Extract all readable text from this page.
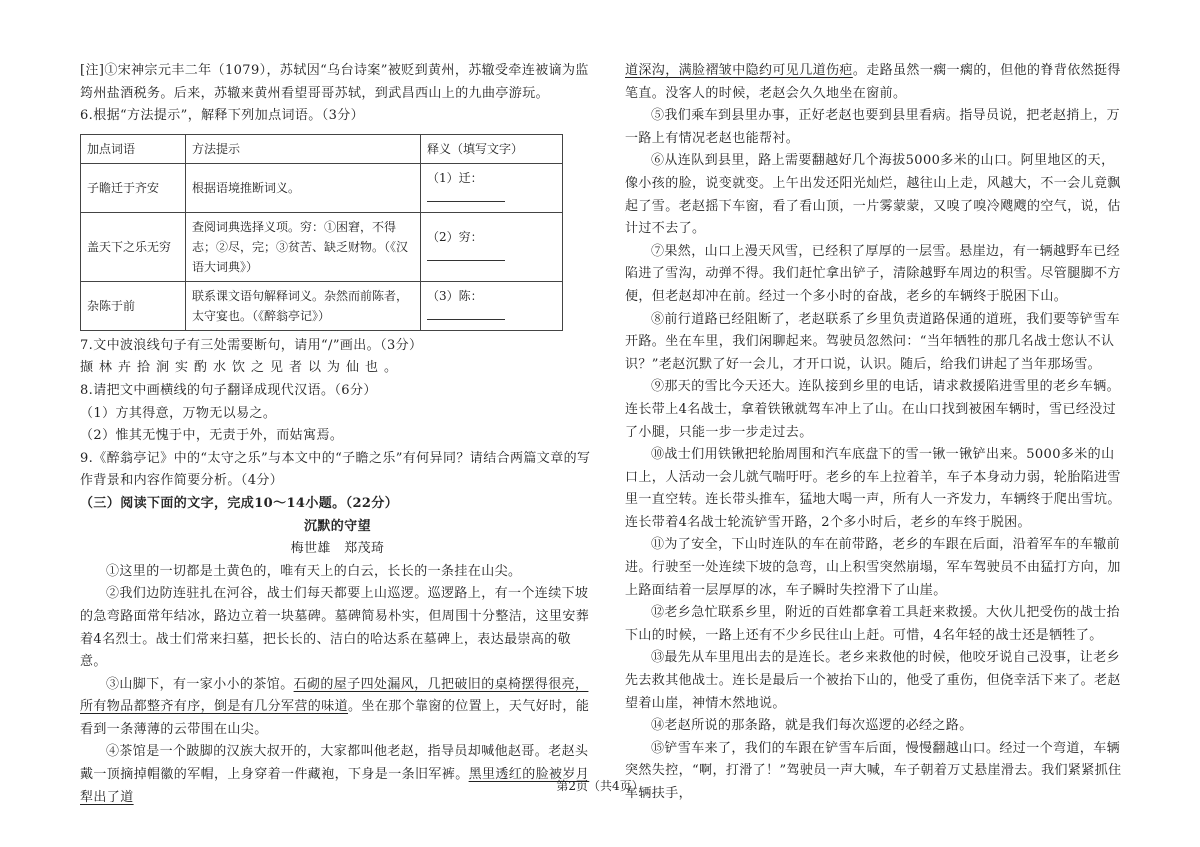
[注]①宋神宗元丰二年（1079），苏轼因“乌台诗案”被贬到黄州，苏辙受牵连被谪为监筠州盐酒税务。后来，苏辙来黄州看望哥哥苏轼，到武昌西山上的九曲亭游玩。

6.根据“方法提示”，解释下列加点词语。（3分）

加点词语	方法提示	释义（填写文字）
子瞻迁于齐安	根据语境推断词义。	（1）迁：
盖天下之乐无穷	查阅词典选择义项。穷：①困窘，不得志；②尽，完；③贫苦、缺乏财物。（《汉语大词典》）	（2）穷：
杂陈于前	联系课文语句解释词义。杂然而前陈者，太守宴也。（《醉翁亭记》）	（3）陈：

7.文中波浪线句子有三处需要断句，请用“/”画出。（3分）

撷林卉拾涧实酌水饮之见者以为仙也。

8.请把文中画横线的句子翻译成现代汉语。（6分）

（1）方其得意，万物无以易之。

（2）惟其无愧于中，无责于外，而姑寓焉。

9.《醉翁亭记》中的“太守之乐”与本文中的“子瞻之乐”有何异同？请结合两篇文章的写作背景和内容作简要分析。（4分）

（三）阅读下面的文字，完成10～14小题。（22分）

沉默的守望

梅世雄　郑茂琦

①这里的一切都是土黄色的，唯有天上的白云，长长的一条挂在山尖。

②我们边防连驻扎在河谷，战士们每天都要上山巡逻。巡逻路上，有一个连续下坡的急弯路面常年结冰，路边立着一块墓碑。墓碑简易朴实，但周围十分整洁，这里安葬着4名烈士。战士们常来扫墓，把长长的、洁白的哈达系在墓碑上，表达最崇高的敬意。

③山脚下，有一家小小的茶馆。石砌的屋子四处漏风，几把破旧的桌椅摆得很亮，所有物品都整齐有序，倒是有几分军营的味道。坐在那个靠窗的位置上，天气好时，能看到一条薄薄的云带围在山尖。

④茶馆是一个跛脚的汉族大叔开的，大家都叫他老赵，指导员却喊他赵哥。老赵头戴一顶摘掉帽徽的军帽，上身穿着一件藏袍，下身是一条旧军裤。黑里透红的脸被岁月犁出了道

道深沟，满脸褶皱中隐约可见几道伤疤。走路虽然一瘸一瘸的，但他的脊背依然挺得笔直。没客人的时候，老赵会久久地坐在窗前。

⑤我们乘车到县里办事，正好老赵也要到县里看病。指导员说，把老赵捎上，万一路上有情况老赵也能帮衬。

⑥从连队到县里，路上需要翻越好几个海拔5000多米的山口。阿里地区的天，像小孩的脸，说变就变。上午出发还阳光灿烂，越往山上走，风越大，不一会儿竟飘起了雪。老赵摇下车窗，看了看山顶，一片雾蒙蒙，又嗅了嗅冷飕飕的空气，说，估计过不去了。

⑦果然，山口上漫天风雪，已经积了厚厚的一层雪。悬崖边，有一辆越野车已经陷进了雪沟，动弹不得。我们赶忙拿出铲子，清除越野车周边的积雪。尽管腿脚不方便，但老赵却冲在前。经过一个多小时的奋战，老乡的车辆终于脱困下山。

⑧前行道路已经阻断了，老赵联系了乡里负责道路保通的道班，我们要等铲雪车开路。坐在车里，我们闲聊起来。驾驶员忽然问：“当年牺牲的那几名战士您认不认识？”老赵沉默了好一会儿，才开口说，认识。随后，给我们讲起了当年那场雪。

⑨那天的雪比今天还大。连队接到乡里的电话，请求救援陷进雪里的老乡车辆。连长带上4名战士，拿着铁锹就驾车冲上了山。在山口找到被困车辆时，雪已经没过了小腿，只能一步一步走过去。

⑩战士们用铁锹把轮胎周围和汽车底盘下的雪一锹一锹铲出来。5000多米的山口上，人活动一会儿就气喘吁吁。老乡的车上拉着羊，车子本身动力弱，轮胎陷进雪里一直空转。连长带头推车，猛地大喝一声，所有人一齐发力，车辆终于爬出雪坑。连长带着4名战士轮流铲雪开路，2个多小时后，老乡的车终于脱困。

⑪为了安全，下山时连队的车在前带路，老乡的车跟在后面，沿着军车的车辙前进。行驶至一处连续下坡的急弯，山上积雪突然崩塌，军车驾驶员不由猛打方向，加上路面结着一层厚厚的冰，车子瞬时失控滑下了山崖。

⑫老乡急忙联系乡里，附近的百姓都拿着工具赶来救援。大伙儿把受伤的战士抬下山的时候，一路上还有不少乡民往山上赶。可惜，4名年轻的战士还是牺牲了。

⑬最先从车里甩出去的是连长。老乡来救他的时候，他咬牙说自己没事，让老乡先去救其他战士。连长是最后一个被抬下山的，他受了重伤，但侥幸活下来了。老赵望着山崖，神情木然地说。

⑭老赵所说的那条路，就是我们每次巡逻的必经之路。

⑮铲雪车来了，我们的车跟在铲雪车后面，慢慢翻越山口。经过一个弯道，车辆突然失控，“啊，打滑了！”驾驶员一声大喊，车子朝着万丈悬崖滑去。我们紧紧抓住车辆扶手，

第2页（共4页）
